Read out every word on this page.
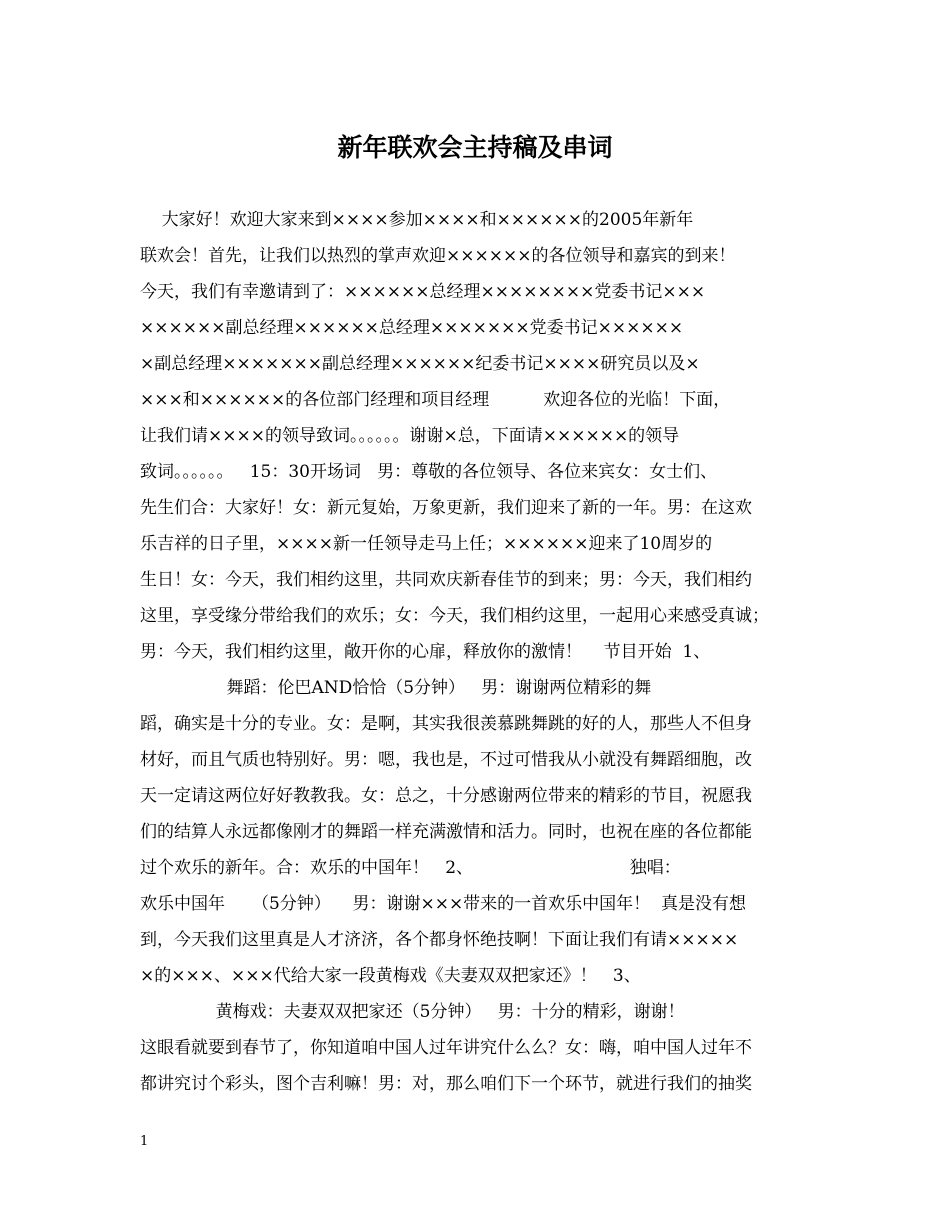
新年联欢会主持稿及串词
大家好！欢迎大家来到××××参加××××和××××××的2005年新年
联欢会！首先，让我们以热烈的掌声欢迎××××××的各位领导和嘉宾的到来！
今天，我们有幸邀请到了：××××××总经理××××××××党委书记×××
××××××副总经理××××××总经理×××××××党委书记××××××
×副总经理×××××××副总经理××××××纪委书记××××研究员以及×
×××和××××××的各位部门经理和项目经理          欢迎各位的光临！下面，
让我们请××××的领导致词。。。。。。谢谢×总，下面请××××××的领导
致词。。。。。。   15：30开场词   男：尊敬的各位领导、各位来宾女：女士们、
先生们合：大家好！女：新元复始，万象更新，我们迎来了新的一年。男：在这欢
乐吉祥的日子里，××××新一任领导走马上任；××××××迎来了10周岁的
生日！女：今天，我们相约这里，共同欢庆新春佳节的到来；男：今天，我们相约
这里，享受缘分带给我们的欢乐；女：今天，我们相约这里，一起用心来感受真诚；
男：今天，我们相约这里，敞开你的心扉，释放你的激情！    节目开始  1、
舞蹈：伦巴AND恰恰（5分钟）   男：谢谢两位精彩的舞
蹈，确实是十分的专业。女：是啊，其实我很羡慕跳舞跳的好的人，那些人不但身
材好，而且气质也特别好。男：嗯，我也是，不过可惜我从小就没有舞蹈细胞，改
天一定请这两位好好教教我。女：总之，十分感谢两位带来的精彩的节目，祝愿我
们的结算人永远都像刚才的舞蹈一样充满激情和活力。同时，也祝在座的各位都能
过个欢乐的新年。合：欢乐的中国年！   2、                             独唱：
欢乐中国年     （5分钟）    男：谢谢×××带来的一首欢乐中国年！  真是没有想
到，今天我们这里真是人才济济，各个都身怀绝技啊！下面让我们有请×××××
×的×××、×××代给大家一段黄梅戏《夫妻双双把家还》！   3、
黄梅戏：夫妻双双把家还（5分钟）   男：十分的精彩，谢谢！
这眼看就要到春节了，你知道咱中国人过年讲究什么么？女：嗨，咱中国人过年不
都讲究讨个彩头，图个吉利嘛！男：对，那么咱们下一个环节，就进行我们的抽奖
1
